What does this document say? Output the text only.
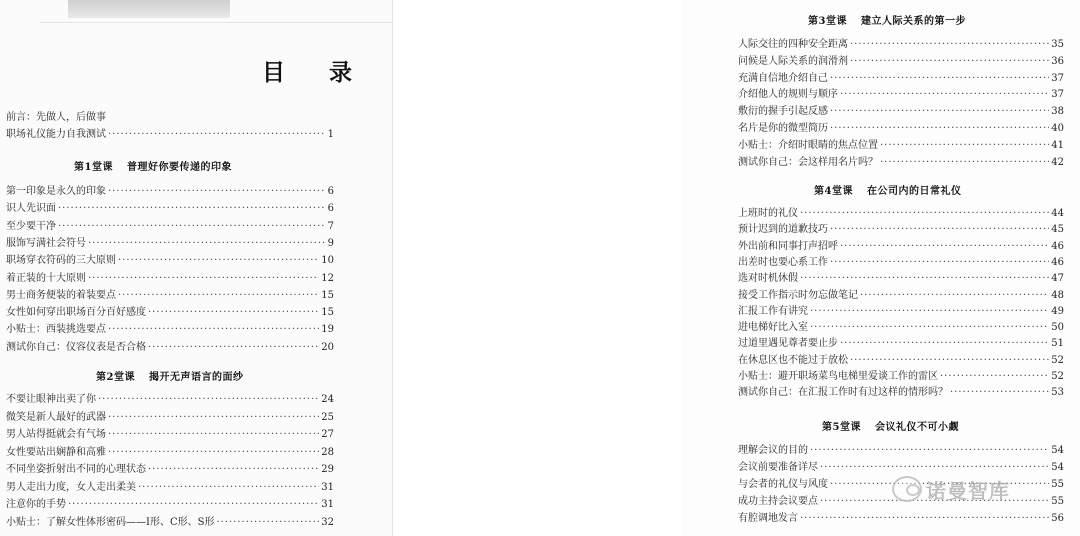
目 录
前言：先做人，后做事
职场礼仪能力自我测试 ·····	1
第1堂课 普理好你要传递的印象
第一印象是永久的印象 ·····	6
识人先识面 ·····	6
至少要干净 ·····	7
服饰写满社会符号 ·····	9
职场穿衣符码的三大原则 ·····	10
着正装的十大原则 ·····	12
男士商务便装的着装要点 ·····	15
女性如何穿出职场百分百好感度 ·····	15
小贴士：西装挑选要点 ·····	19
测试你自己：仪容仪表是否合格 ·····	20
第2堂课 揭开无声语言的面纱
不要让眼神出卖了你 ·····	24
微笑是新人最好的武器 ·····	25
男人站得挺就会有气场 ·····	27
女性要站出娴静和高雅 ·····	28
不同坐姿折射出不同的心理状态 ·····	29
男人走出力度，女人走出柔美 ·····	31
注意你的手势 ·····	31
小贴士：了解女性体形密码——I形、C形、S形 ·····	32
第3堂课 建立人际关系的第一步
人际交往的四种安全距离 ·····	35
问候是人际关系的润滑剂 ·····	36
充满自信地介绍自己 ·····	37
介绍他人的规则与顺序 ·····	37
敷衍的握手引起反感 ·····	38
名片是你的微型简历 ·····	40
小贴士：介绍时眼睛的焦点位置 ·····	41
测试你自己：会这样用名片吗？ ·····	42
第4堂课 在公司内的日常礼仪
上班时的礼仪 ·····	44
预计迟到的道歉技巧 ·····	45
外出前和同事打声招呼 ·····	46
出差时也要心系工作 ·····	46
选对时机休假 ·····	47
接受工作指示时勿忘做笔记 ·····	48
汇报工作有讲究 ·····	49
进电梯好比入室 ·····	50
过道里遇见尊者要止步 ·····	51
在休息区也不能过于放松 ·····	52
小贴士：避开职场菜鸟电梯里爱谈工作的雷区 ·····	52
测试你自己：在汇报工作时有过这样的情形吗？ ·····	53
第5堂课 会议礼仪不可小觑
理解会议的目的 ·····	54
会议前要准备详尽 ·····	54
与会者的礼仪与风度 ·····	55
成功主持会议要点 ·····	55
有腔调地发言 ·····	56
诺曼智库
